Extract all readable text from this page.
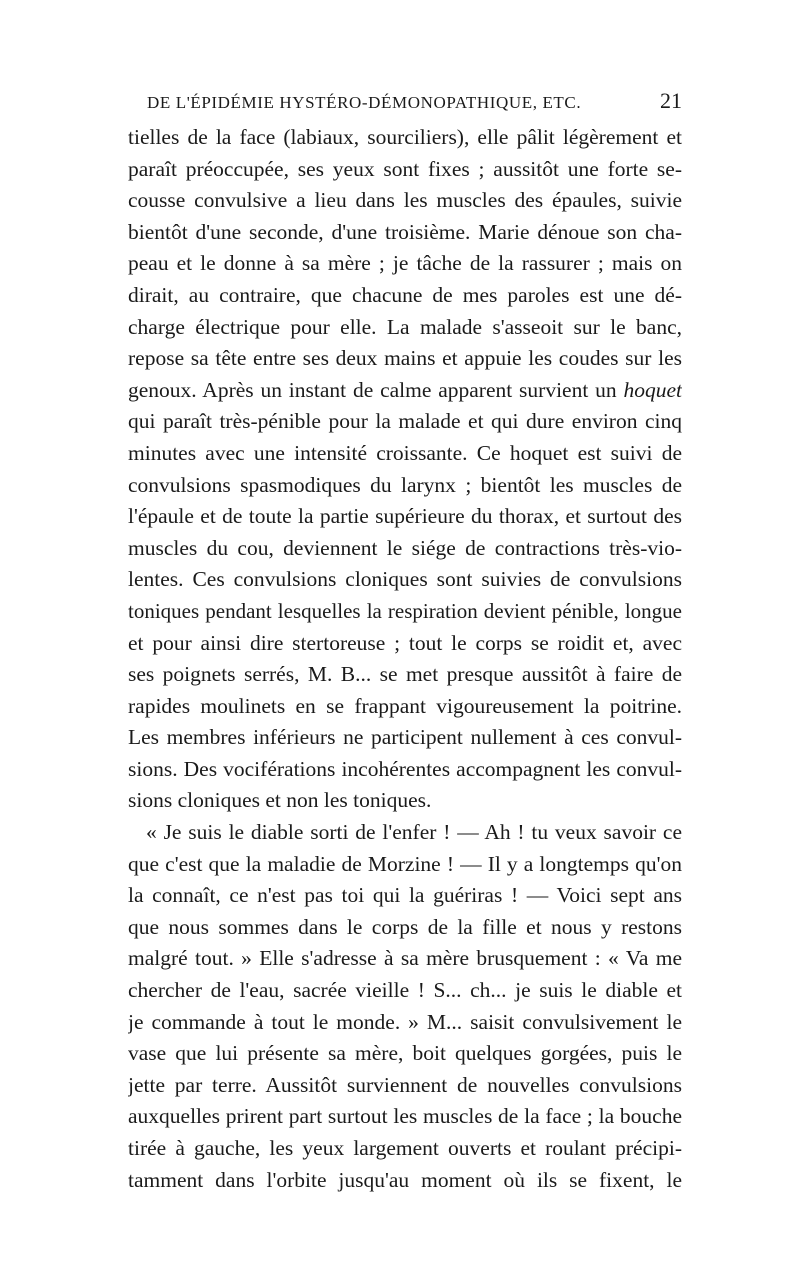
DE L'ÉPIDÉMIE HYSTÉRO-DÉMONOPATHIQUE, ETC.	21
tielles de la face (labiaux, sourciliers), elle pâlit légèrement et
paraît préoccupée, ses yeux sont fixes ; aussitôt une forte se-
cousse convulsive a lieu dans les muscles des épaules, suivie
bientôt d'une seconde, d'une troisième. Marie dénoue son cha-
peau et le donne à sa mère ; je tâche de la rassurer ; mais on
dirait, au contraire, que chacune de mes paroles est une dé-
charge électrique pour elle. La malade s'asseoit sur le banc,
repose sa tête entre ses deux mains et appuie les coudes sur les
genoux. Après un instant de calme apparent survient un hoquet
qui paraît très-pénible pour la malade et qui dure environ cinq
minutes avec une intensité croissante. Ce hoquet est suivi de
convulsions spasmodiques du larynx ; bientôt les muscles de
l'épaule et de toute la partie supérieure du thorax, et surtout des
muscles du cou, deviennent le siége de contractions très-vio-
lentes. Ces convulsions cloniques sont suivies de convulsions
toniques pendant lesquelles la respiration devient pénible, longue
et pour ainsi dire stertoreuse ; tout le corps se roidit et, avec
ses poignets serrés, M. B... se met presque aussitôt à faire de
rapides moulinets en se frappant vigoureusement la poitrine.
Les membres inférieurs ne participent nullement à ces convul-
sions. Des vociférations incohérentes accompagnent les convul-
sions cloniques et non les toniques.
« Je suis le diable sorti de l'enfer ! — Ah ! tu veux savoir ce
que c'est que la maladie de Morzine ! — Il y a longtemps qu'on
la connaît, ce n'est pas toi qui la guériras ! — Voici sept ans
que nous sommes dans le corps de la fille et nous y restons
malgré tout. » Elle s'adresse à sa mère brusquement : « Va me
chercher de l'eau, sacrée vieille ! S... ch... je suis le diable et
je commande à tout le monde. » M... saisit convulsivement le
vase que lui présente sa mère, boit quelques gorgées, puis le
jette par terre. Aussitôt surviennent de nouvelles convulsions
auxquelles prirent part surtout les muscles de la face ; la bouche
tirée à gauche, les yeux largement ouverts et roulant précipi-
tamment dans l'orbite jusqu'au moment où ils se fixent, le
